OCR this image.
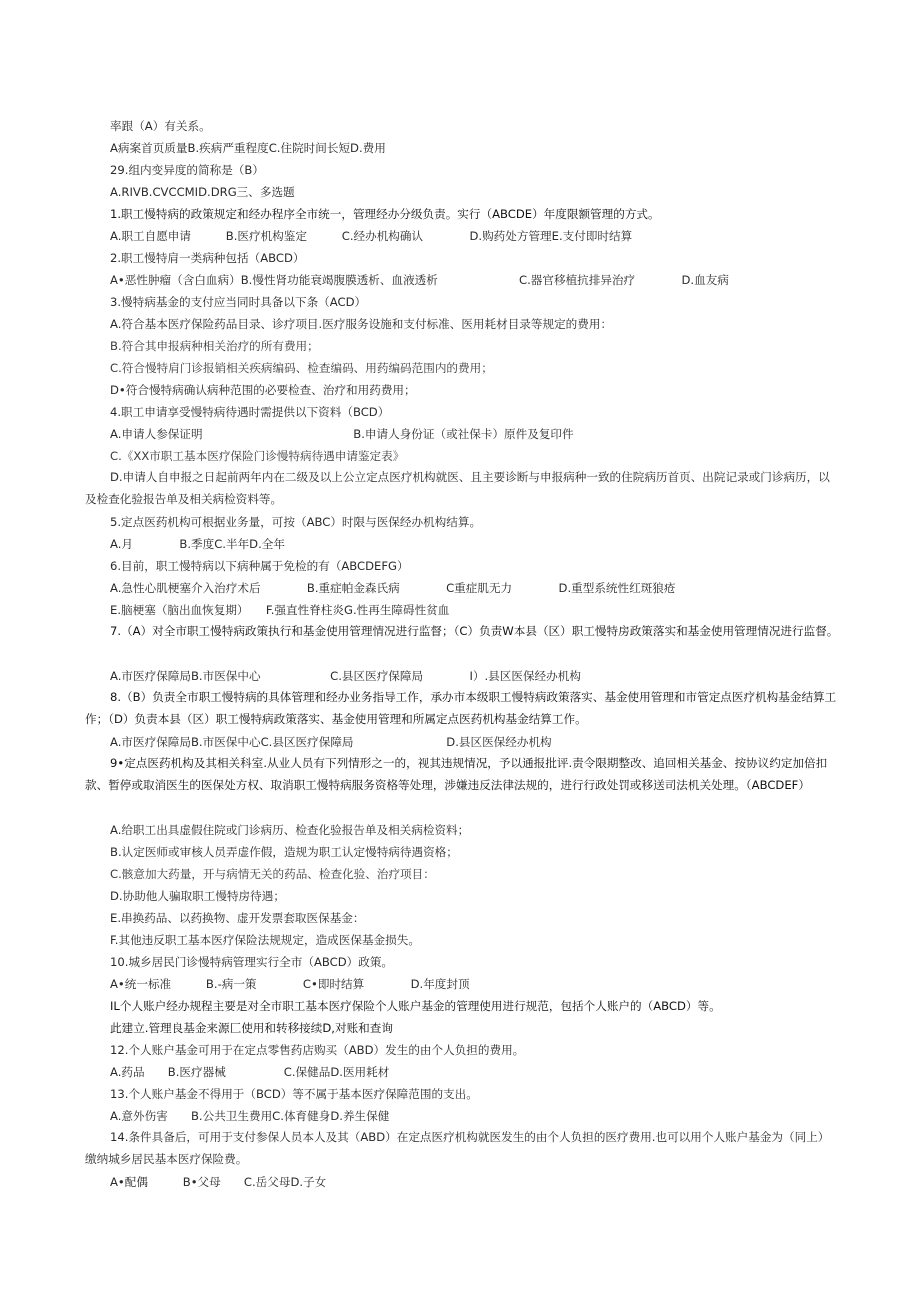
率跟（A）有关系。
A病案首页质量B.疾病严重程度C.住院时间长短D.费用
29.组内变异度的简称是（B）
A.RIVB.CVCCMID.DRG三、多选题
1.职工慢特病的政策规定和经办程序全市统一，管理经办分级负责。实行（ABCDE）年度限额管理的方式。
A.职工自愿申请　　　B.医疗机构鉴定　　　C.经办机构确认　　　　D.购药处方管理E.支付即时结算
2.职工慢特肩一类病种包括（ABCD）
A•恶性肿瘤（含白血病）B.慢性肾功能衰竭腹膜透析、血液透析　　　　　　　C.器官移植抗排异治疗　　　　D.血友病
3.慢特病基金的支付应当同时具备以下条（ACD）
A.符合基本医疗保险药品目录、诊疗项目.医疗服务设施和支付标准、医用耗材目录等规定的费用：
B.符合其申报病种相关治疗的所有费用；
C.符合慢特肩门诊报销相关疾病编码、检查编码、用药编码范围内的费用；
D•符合慢特病确认病种范围的必要检查、治疗和用药费用；
4.职工申请享受慢特病待遇时需提供以下资料（BCD）
A.申请人参保证明　　　　　　　　　　　　　B.申请人身份证（或社保卡）原件及复印件
C.《XX市职工基本医疗保险门诊慢特病待遇申请鉴定表》
D.申请人自申报之日起前两年内在二级及以上公立定点医疗机构就医、且主要诊断与申报病种一致的住院病历首页、出院记录或门诊病历，以及检查化验报告单及相关病检资料等。
5.定点医药机构可根据业务量，可按（ABC）时限与医保经办机构结算。
A.月　　　　B.季度C.半年D.全年
6.目前，职工慢特病以下病种属于免检的有（ABCDEFG）
A.急性心肌梗塞介入治疗术后　　　　B.重症帕金森氏病　　　　C重症肌无力　　　　D.重型系统性红斑狼疮
E.脑梗塞（脑出血恢复期）　　F.强直性脊柱炎G.性再生障碍性贫血
7.（A）对全市职工慢特病政策执行和基金使用管理情况进行监督；（C）负责W本县（区）职工慢特房政策落实和基金使用管理情况进行监督。
A.市医疗保障局B.市医保中心　　　　　　C.县区医疗保障局　　　　I）.县区医保经办机构
8.（B）负责全市职工慢特病的具体管理和经办业务指导工作，承办市本级职工慢特病政策落实、基金使用管理和市管定点医疗机构基金结算工作；（D）负责本县（区）职工慢特病政策落实、基金使用管理和所属定点医药机构基金结算工作。
A.市医疗保障局B.市医保中心C.县区医疗保障局　　　　　　　　D.县区医保经办机构
9•定点医药机构及其相关科室.从业人员有下列情形之一的，视其违规情况，予以通报批评.责令限期整改、追回相关基金、按协议约定加倍扣款、暂停或取消医生的医保处方权、取消职工慢特病服务资格等处理，涉嫌违反法律法规的，进行行政处罚或移送司法机关处理。（ABCDEF）
A.给职工出具虚假住院或门诊病历、检查化验报告单及相关病检资料；
B.认定医师或审核人员弄虚作假，造规为职工认定慢特病待遇资格；
C.骸意加大药量，开与病情无关的药品、检查化验、治疗项目：
D.协助他人骗取职工慢特房待遇；
E.串换药品、以药换物、虚开发票套取医保基金：
F.其他违反职工基本医疗保险法规规定，造成医保基金损失。
10.城乡居民门诊慢特病管理实行全市（ABCD）政策。
A•统一标准　　　B.-病一策　　　　C•即时结算　　　　D.年度封顶
IL个人账户经办规程主要是对全市职工基本医疗保险个人账户基金的管理使用进行规范，包括个人账户的（ABCD）等。
此建立.管理良基金来源匚使用和转移接续D,对账和查询
12.个人账户基金可用于在定点零售药店购买（ABD）发生的由个人负担的费用。
A.药品　　B.医疗器械　　　　　C.保健品D.医用耗材
13.个人账户基金不得用于（BCD）等不属于基本医疗保障范围的支出。
A.意外伤害　　B.公共卫生费用C.体育健身D.养生保健
14.条件具备后，可用于支付参保人员本人及其（ABD）在定点医疗机构就医发生的由个人负担的医疗费用.也可以用个人账户基金为（同上）缴纳城乡居民基本医疗保险费。
A•配偶　　　B•父母　　C.岳父母D.子女
